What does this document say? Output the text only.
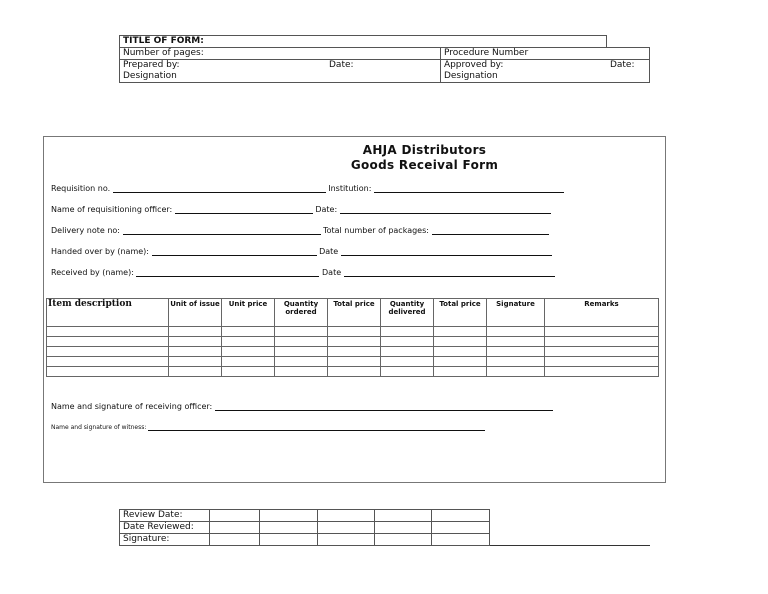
TITLE OF FORM:			
Number of pages:		Procedure Number	
Prepared by:	Date:	Approved by:	Date:
Designation		Designation	
AHJA Distributors
Goods Receival Form
Requisition no.	Institution:
Name of requisitioning officer:	Date:
Delivery note no:	Total number of packages:
Handed over by (name):	Date
Received by (name):	Date
Item description	Unit of issue	Unit price	Quantity ordered	Total price	Quantity delivered	Total price	Signature	Remarks

Name and signature of receiving officer:
Name and signature of witness:
Review Date:					
Date Reviewed:					
Signature:					
